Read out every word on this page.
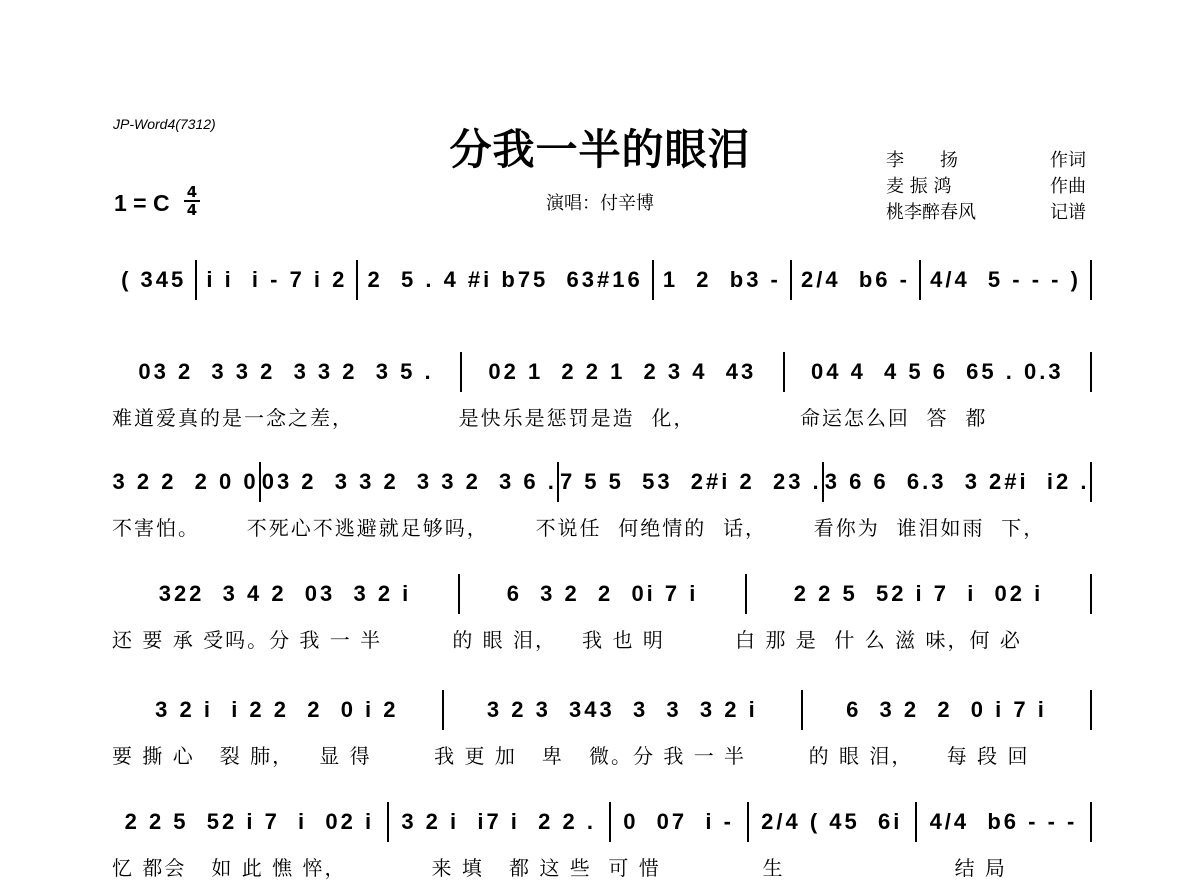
JP-Word4(7312)
分我一半的眼泪
演唱：付辛博
李　　扬	作词
麦 振 鸿	作曲
桃李醉春风	记谱
1 = C 4
4
( 345 i i  i - 7 i 2 2  5 . 4 #i b75  63#16 1  2  b3 - 2/4  b6 - 4/4  5 - - - )
03 2  3 3 2  3 3 2  3 5 .	02 1  2 2 1  2 3 4  43	04 4  4 5 6  65 . 0.3
难道爱真的是一念之差，	是快乐是惩罚是造  化，	命运怎么回  答  都
3 2 2  2 0 0 03 2  3 3 2  3 3 2  3 6 . 7 5 5  53  2#i 2  23 . 3 6 6  6.3  3 2#i  i2 .
不害怕。	不死心不逃避就足够吗，	不说任  何绝情的  话，	看你为  谁泪如雨  下，
322  3 4 2  03  3 2 i	6  3 2  2  0i 7 i	2 2 5  52 i 7  i  02 i
还 要 承 受吗。分 我 一 半	的 眼 泪，   我 也 明	白 那 是  什 么 滋 味，何 必
3 2 i  i 2 2  2  0 i 2	3 2 3  343  3  3  3 2 i	6  3 2  2  0 i 7 i
要 撕 心   裂 肺，   显 得	我 更 加   卑   微。分 我 一 半	的 眼 泪，    每 段 回
2 2 5  52 i 7  i  02 i	3 2 i  i7 i  2 2 .	0  07  i -	2/4 ( 45  6i	4/4  b6 - - -
忆 都会   如 此 憔 悴，	来 填   都 这 些  可 惜	生	结 局
